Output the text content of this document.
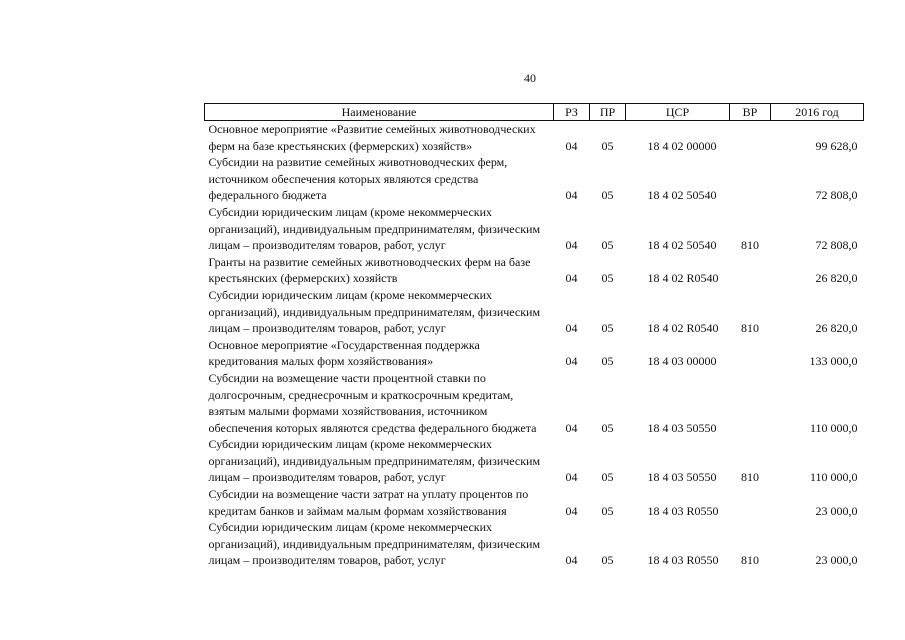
40
Наименование	РЗ	ПР	ЦСР	ВР	2016 год
Основное мероприятие «Развитие семейных животноводческих ферм на базе крестьянских (фермерских) хозяйств»	04	05	18 4 02 00000		99 628,0
Субсидии на развитие семейных животноводческих ферм, источником обеспечения которых являются средства федерального бюджета	04	05	18 4 02 50540		72 808,0
Субсидии юридическим лицам (кроме некоммерческих организаций), индивидуальным предпринимателям, физическим лицам – производителям товаров, работ, услуг	04	05	18 4 02 50540	810	72 808,0
Гранты на развитие семейных животноводческих ферм на базе крестьянских (фермерских) хозяйств	04	05	18 4 02 R0540		26 820,0
Субсидии юридическим лицам (кроме некоммерческих организаций), индивидуальным предпринимателям, физическим лицам – производителям товаров, работ, услуг	04	05	18 4 02 R0540	810	26 820,0
Основное мероприятие «Государственная поддержка кредитования малых форм хозяйствования»	04	05	18 4 03 00000		133 000,0
Субсидии на возмещение части процентной ставки по долгосрочным, среднесрочным и краткосрочным кредитам, взятым малыми формами хозяйствования, источником обеспечения которых являются средства федерального бюджета	04	05	18 4 03 50550		110 000,0
Субсидии юридическим лицам (кроме некоммерческих организаций), индивидуальным предпринимателям, физическим лицам – производителям товаров, работ, услуг	04	05	18 4 03 50550	810	110 000,0
Субсидии на возмещение части затрат на уплату процентов по кредитам банков и займам малым формам хозяйствования	04	05	18 4 03 R0550		23 000,0
Субсидии юридическим лицам (кроме некоммерческих организаций), индивидуальным предпринимателям, физическим лицам – производителям товаров, работ, услуг	04	05	18 4 03 R0550	810	23 000,0
